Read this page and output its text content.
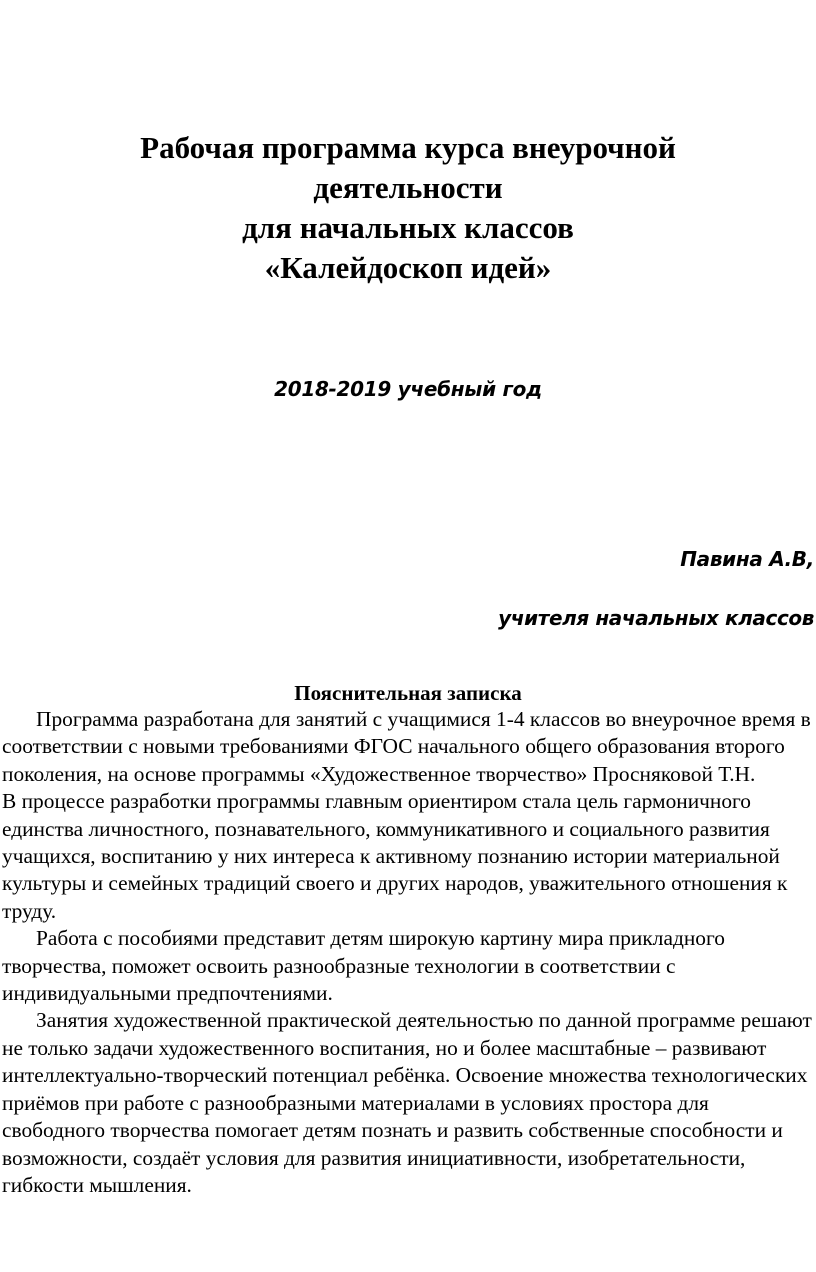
Рабочая программа курса внеурочной
деятельности
для начальных классов
«Калейдоскоп идей»
2018-2019 учебный год
Павина А.В,
учителя начальных классов
Пояснительная записка

Программа разработана для занятий с учащимися 1-4 классов во внеурочное время в соответствии с новыми требованиями ФГОС начального общего образования второго поколения, на основе программы «Художественное творчество» Просняковой Т.Н.

В процессе разработки программы главным ориентиром стала цель гармоничного единства личностного, познавательного, коммуникативного и социального развития учащихся, воспитанию у них интереса к активному познанию истории материальной культуры и семейных традиций своего и других народов, уважительного отношения к труду.

Работа с пособиями представит детям широкую картину мира прикладного творчества, поможет освоить разнообразные технологии в соответствии с индивидуальными предпочтениями.

Занятия художественной практической деятельностью по данной программе решают не только задачи художественного воспитания, но и более масштабные – развивают интеллектуально-творческий потенциал ребёнка. Освоение множества технологических приёмов при работе с разнообразными материалами в условиях простора для свободного творчества помогает детям познать и развить собственные способности и возможности, создаёт условия для развития инициативности, изобретательности, гибкости мышления.
